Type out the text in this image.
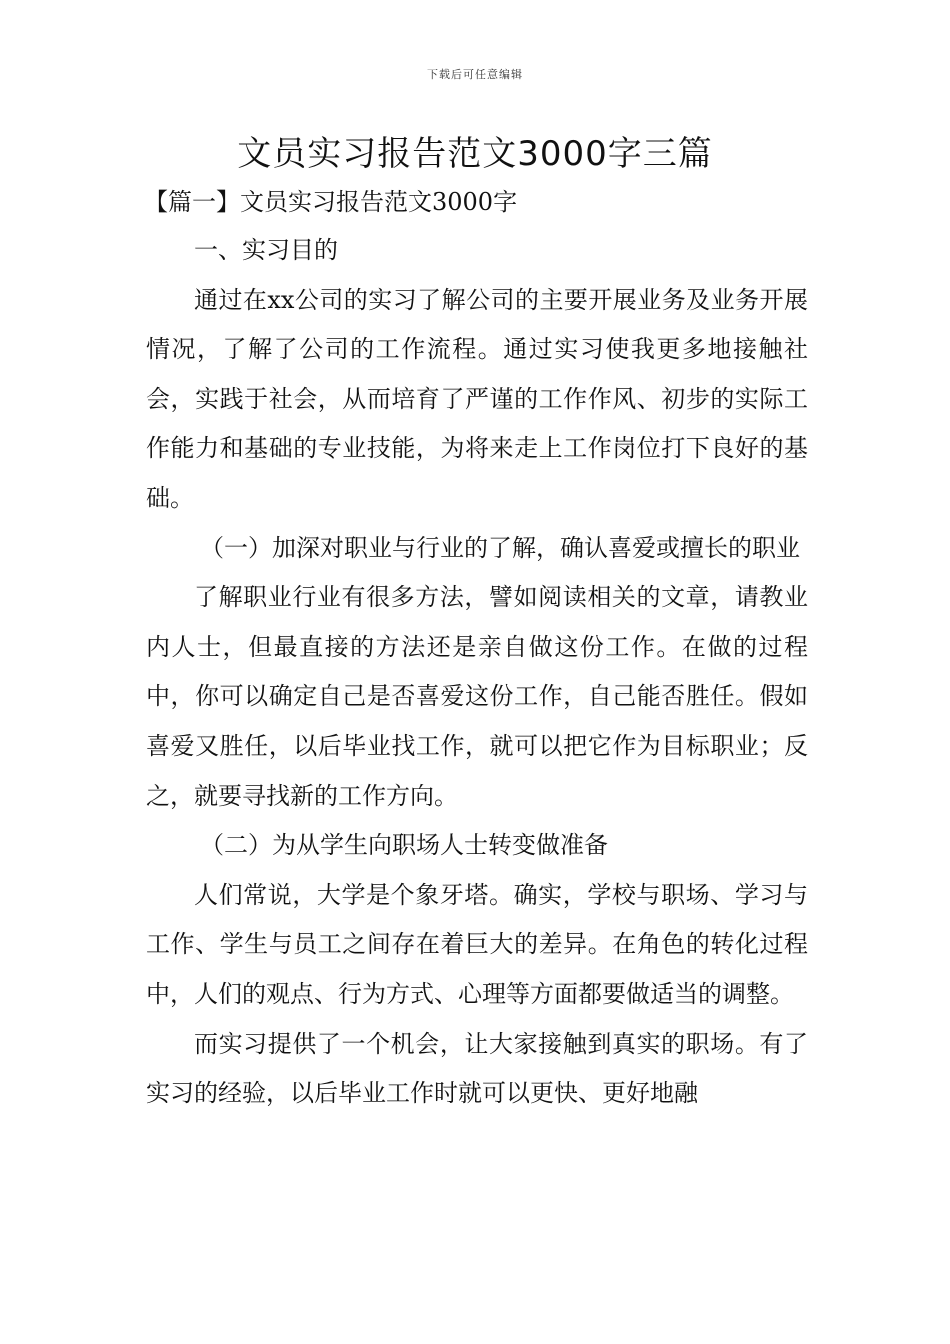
下载后可任意编辑
文员实习报告范文3000字三篇

【篇一】文员实习报告范文3000字

一、实习目的

通过在xx公司的实习了解公司的主要开展业务及业务开展情况，了解了公司的工作流程。通过实习使我更多地接触社会，实践于社会，从而培育了严谨的工作作风、初步的实际工作能力和基础的专业技能，为将来走上工作岗位打下良好的基础。

（一）加深对职业与行业的了解，确认喜爱或擅长的职业

了解职业行业有很多方法，譬如阅读相关的文章，请教业内人士，但最直接的方法还是亲自做这份工作。在做的过程中，你可以确定自己是否喜爱这份工作，自己能否胜任。假如喜爱又胜任，以后毕业找工作，就可以把它作为目标职业；反之，就要寻找新的工作方向。

（二）为从学生向职场人士转变做准备

人们常说，大学是个象牙塔。确实，学校与职场、学习与工作、学生与员工之间存在着巨大的差异。在角色的转化过程中，人们的观点、行为方式、心理等方面都要做适当的调整。

而实习提供了一个机会，让大家接触到真实的职场。有了实习的经验，以后毕业工作时就可以更快、更好地融
